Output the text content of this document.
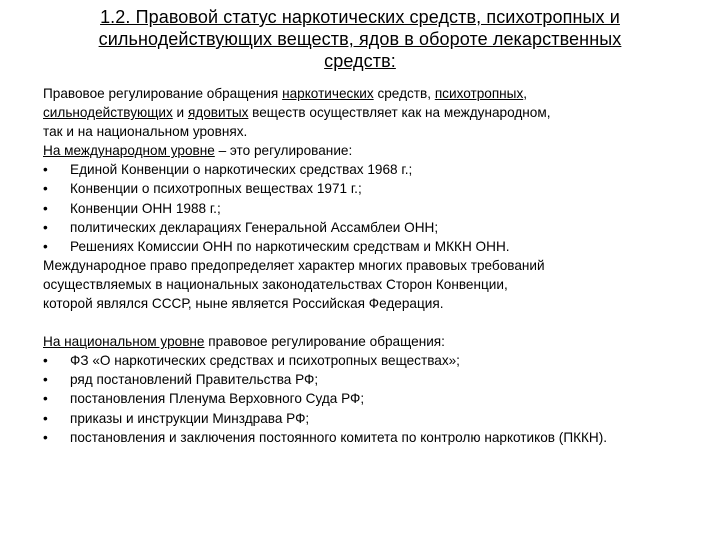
1.2. Правовой статус наркотических средств, психотропных и
сильнодействующих веществ, ядов в обороте лекарственных
средств:

Правовое регулирование обращения наркотических средств, психотропных,
сильнодействующих и ядовитых веществ осуществляет как на международном,
так и на национальном уровнях.

На международном уровне – это регулирование:

• Единой Конвенции о наркотических средствах 1968 г.;
• Конвенции о психотропных веществах 1971 г.;
• Конвенции ОНН 1988 г.;
• политических декларациях Генеральной Ассамблеи ОНН;
• Решениях Комиссии ОНН по наркотическим средствам и МККН ОНН.

Международное право предопределяет характер многих правовых требований
осуществляемых в национальных законодательствах Сторон Конвенции,
которой являлся СССР, ныне является Российская Федерация.

На национальном уровне правовое регулирование обращения:

• ФЗ «О наркотических средствах и психотропных веществах»;
• ряд постановлений Правительства РФ;
• постановления Пленума Верховного Суда РФ;
• приказы и инструкции Минздрава РФ;
• постановления и заключения постоянного комитета по контролю наркотиков (ПККН).
